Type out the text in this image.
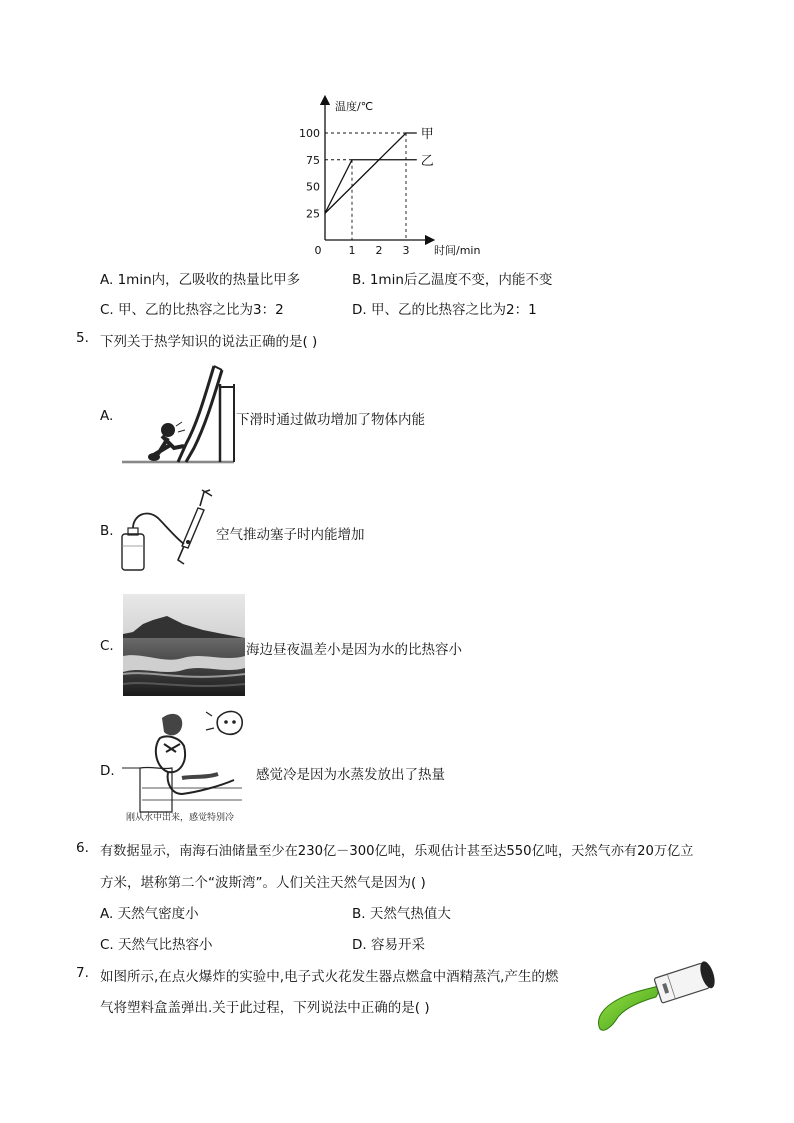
25
50
75
100
1 2 3
0
温度/℃
时间/min
甲
乙
A. 1min内，乙吸收的热量比甲多	B. 1min后乙温度不变，内能不变
C. 甲、乙的比热容之比为3：2	D. 甲、乙的比热容之比为2：1
5. 下列关于热学知识的说法正确的是( )
A.	下滑时通过做功增加了物体内能
B.	空气推动塞子时内能增加
C.	海边昼夜温差小是因为水的比热容小
D.
刚从水中出来，感觉特别冷
感觉冷是因为水蒸发放出了热量
6. 有数据显示，南海石油储量至少在230亿－300亿吨，乐观估计甚至达550亿吨，天然气亦有20万亿立
方米，堪称第二个“波斯湾”。人们关注天然气是因为( )
A. 天然气密度小	B. 天然气热值大
C. 天然气比热容小	D. 容易开采
7. 如图所示,在点火爆炸的实验中,电子式火花发生器点燃盒中酒精蒸汽,产生的燃
气将塑料盒盖弹出.关于此过程，下列说法中正确的是( )
